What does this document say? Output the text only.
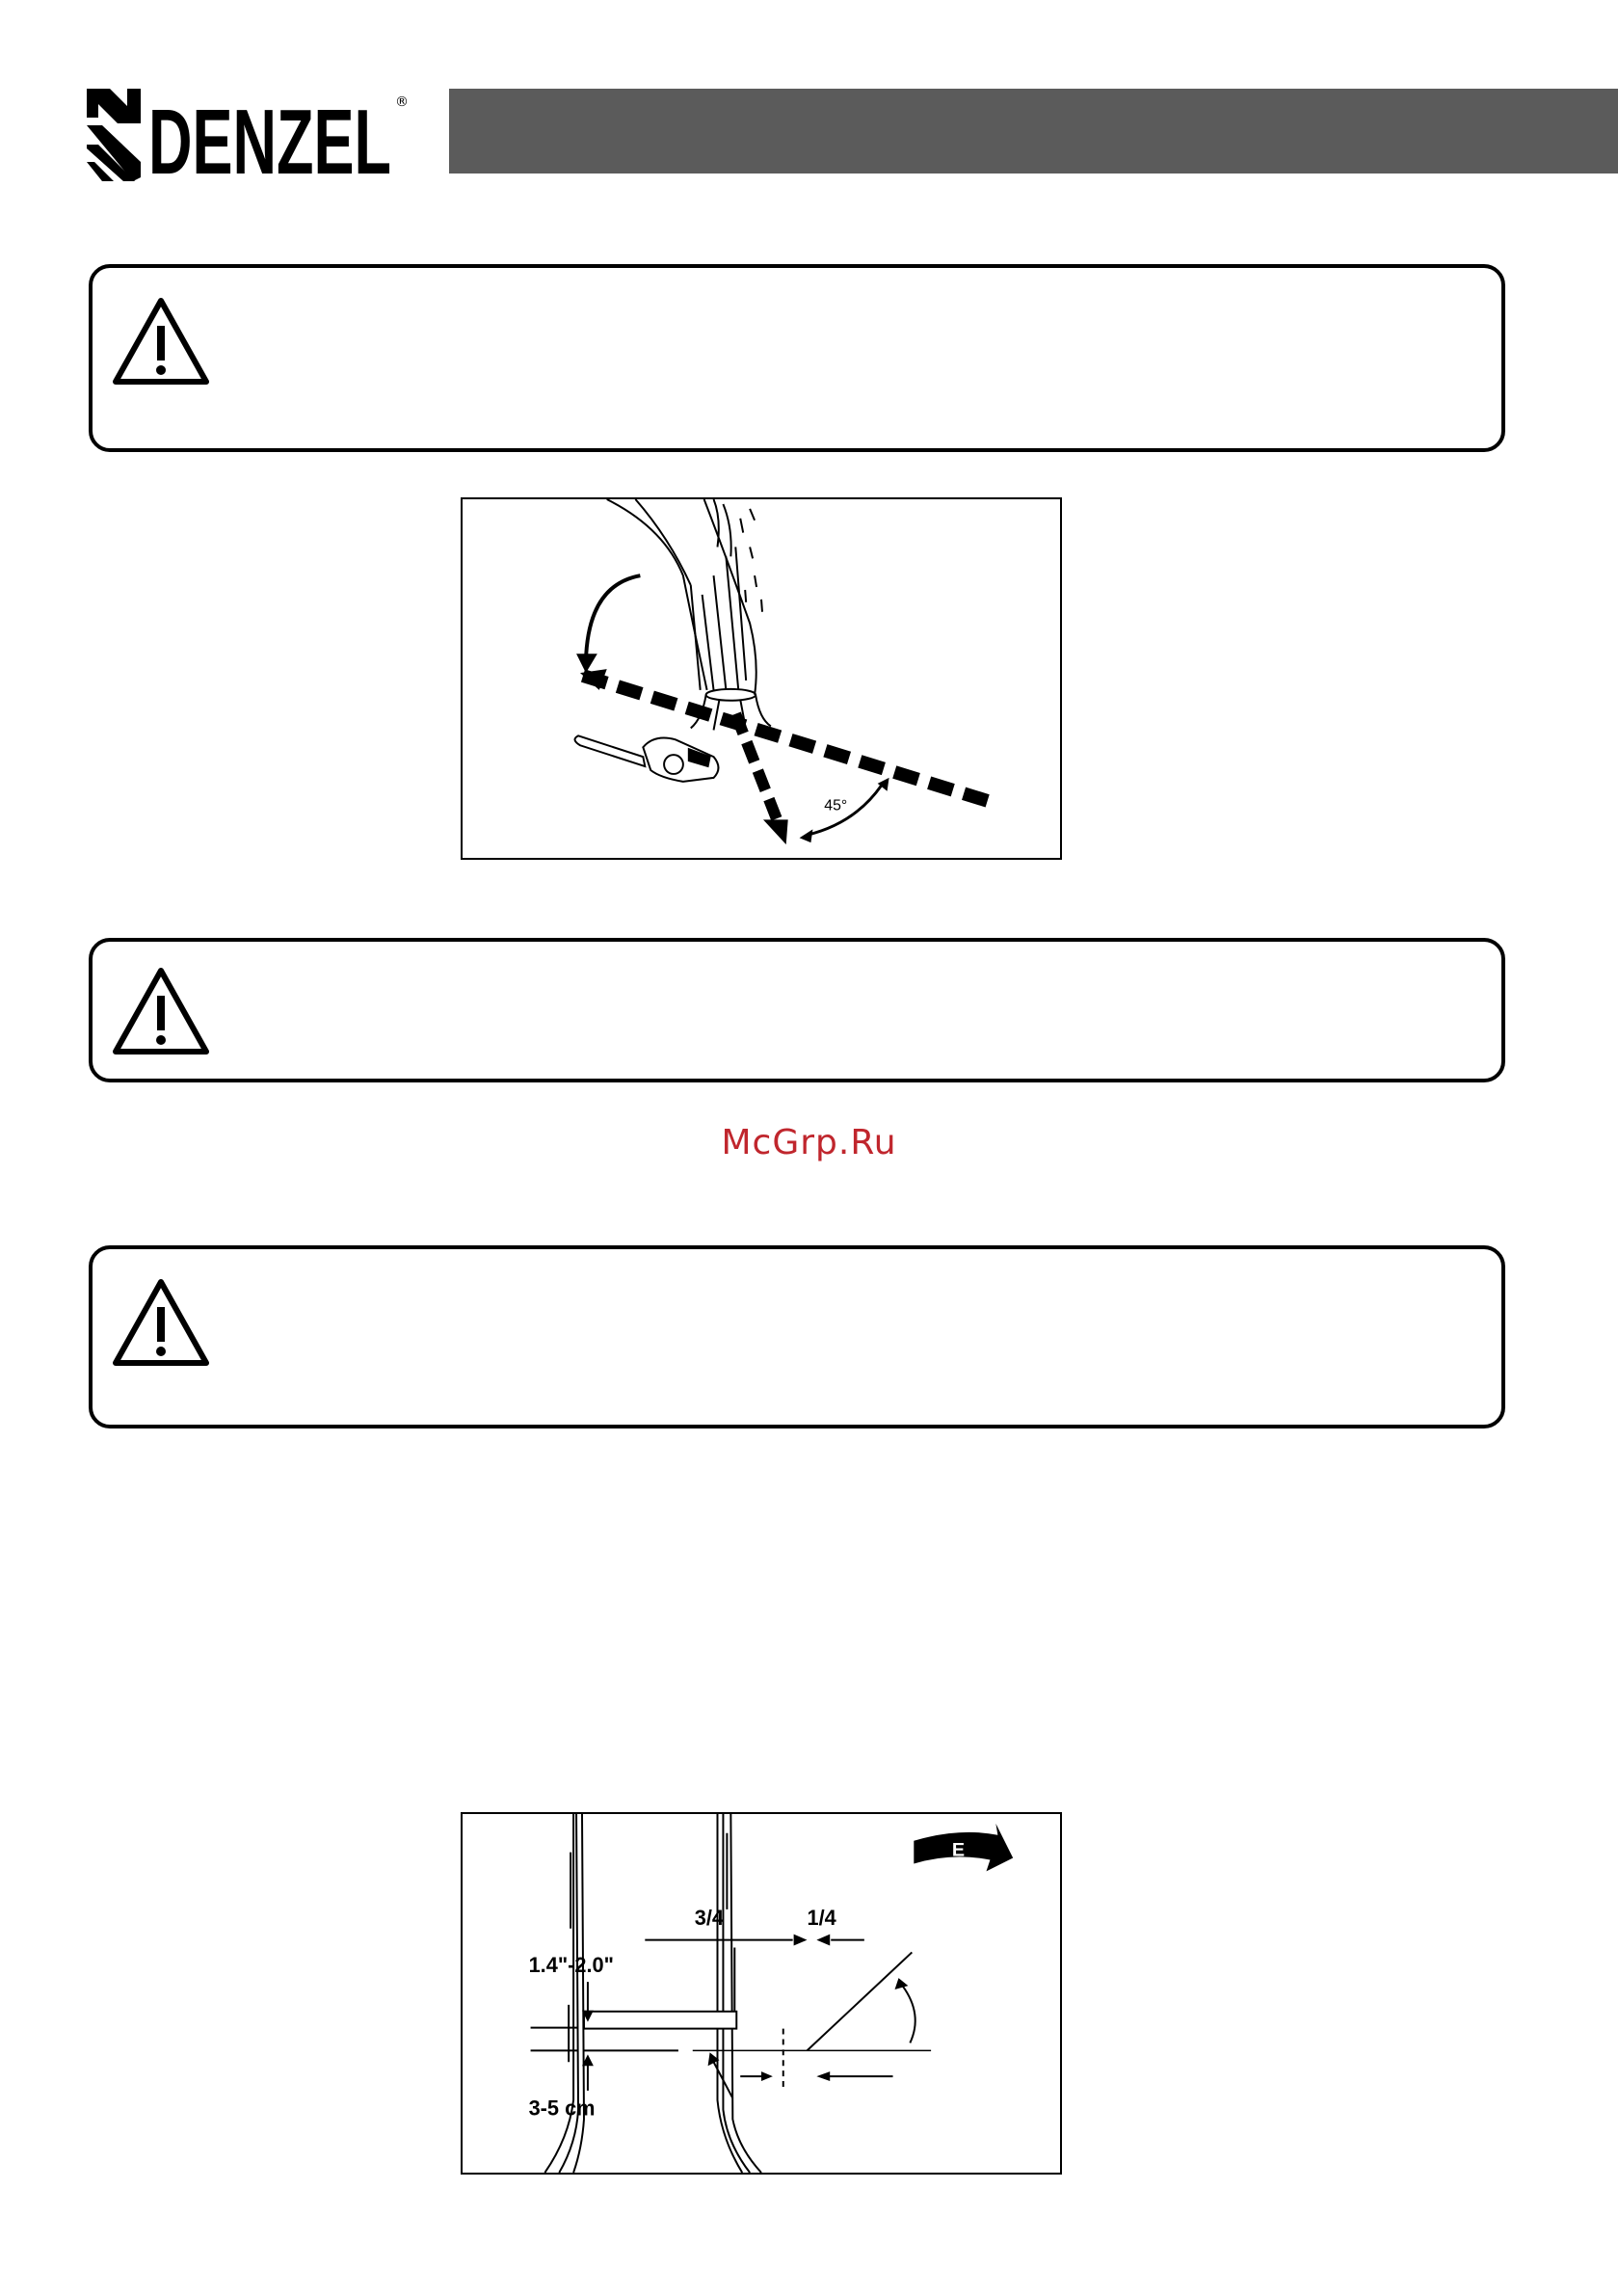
DENZEL ®
45°
McGrp.Ru
3/4	1/4
1.4"-2.0"
3-5 cm
E
